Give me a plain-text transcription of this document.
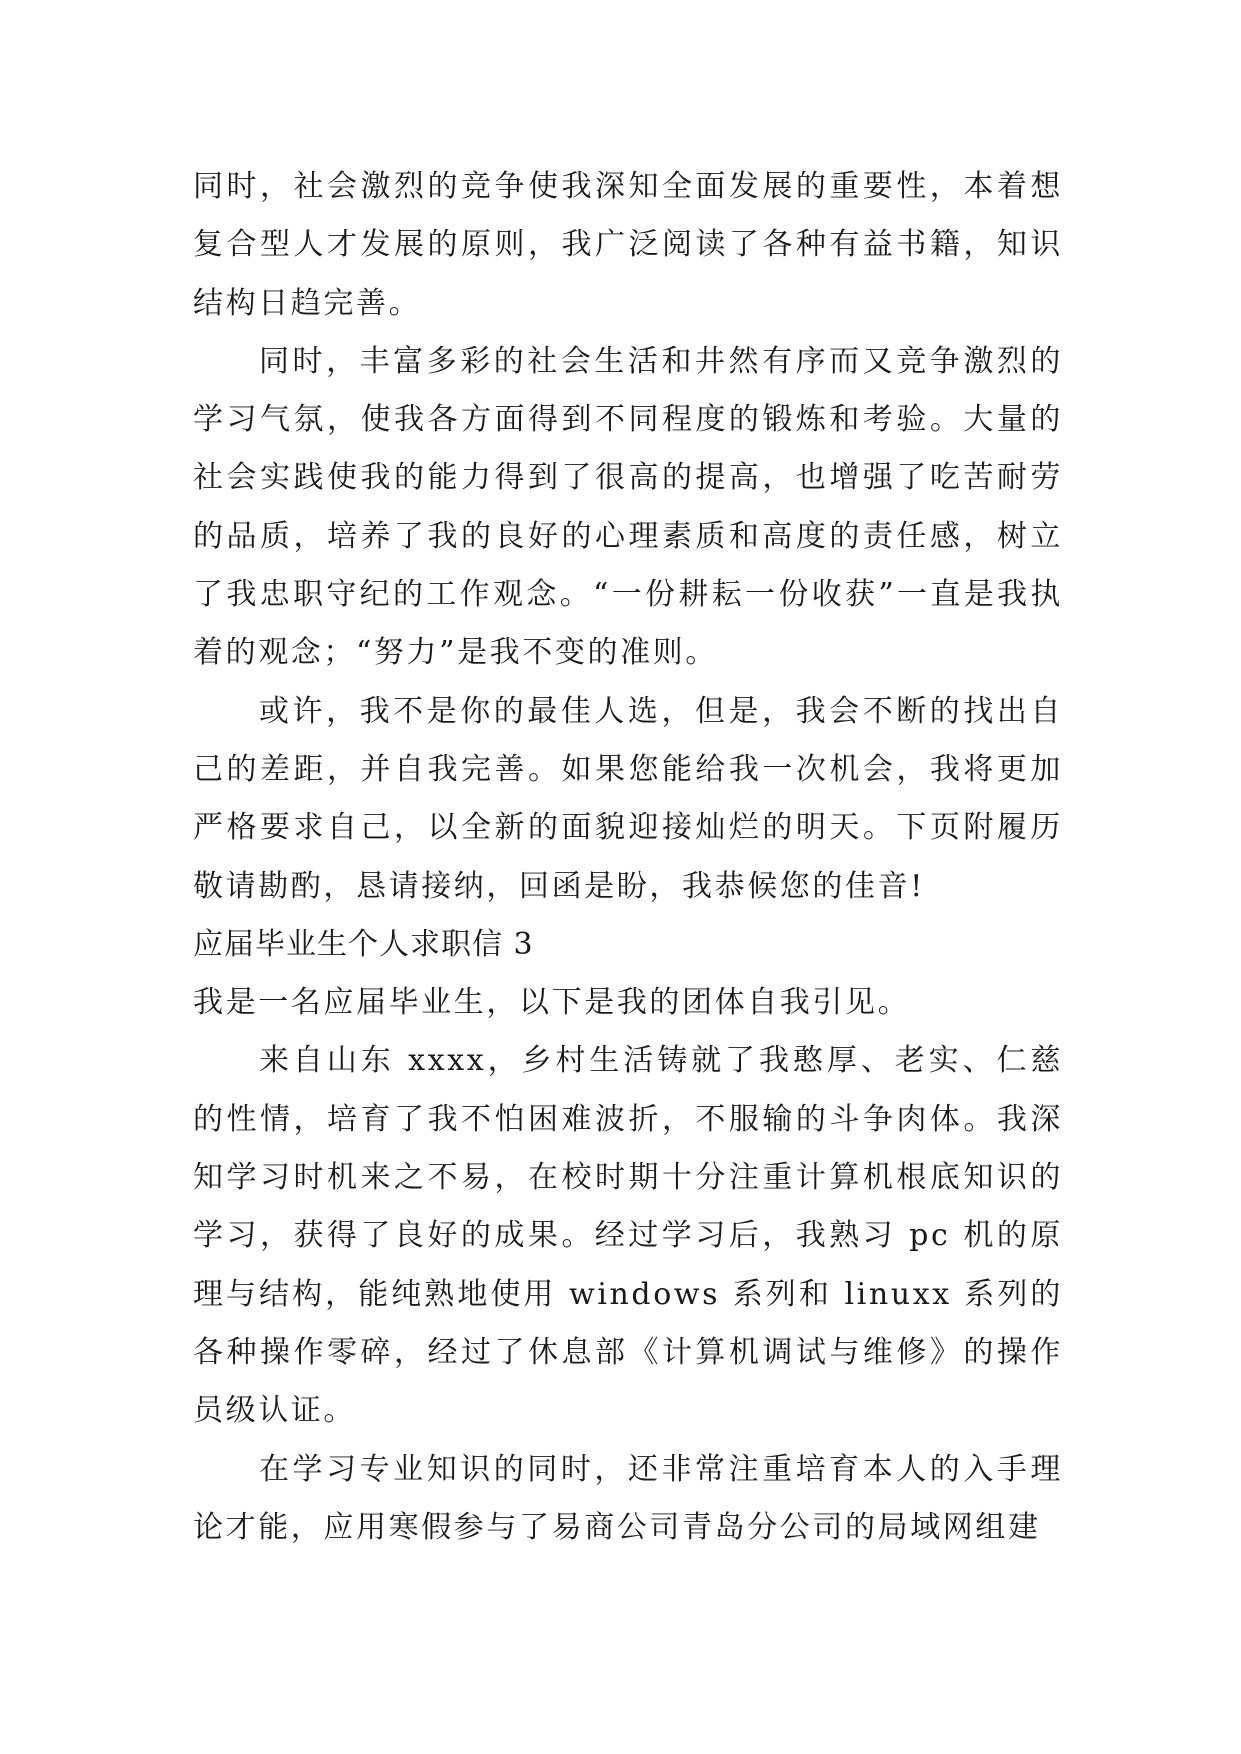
同时，社会激烈的竞争使我深知全面发展的重要性，本着想复合型人才发展的原则，我广泛阅读了各种有益书籍，知识结构日趋完善。

同时，丰富多彩的社会生活和井然有序而又竞争激烈的学习气氛，使我各方面得到不同程度的锻炼和考验。大量的社会实践使我的能力得到了很高的提高，也增强了吃苦耐劳的品质，培养了我的良好的心理素质和高度的责任感，树立了我忠职守纪的工作观念。“一份耕耘一份收获”一直是我执着的观念；“努力”是我不变的准则。

或许，我不是你的最佳人选，但是，我会不断的找出自己的差距，并自我完善。如果您能给我一次机会，我将更加严格要求自己，以全新的面貌迎接灿烂的明天。下页附履历敬请勘酌，恳请接纳，回函是盼，我恭候您的佳音!

应届毕业生个人求职信 3

我是一名应届毕业生，以下是我的团体自我引见。

来自山东 xxxx，乡村生活铸就了我憨厚、老实、仁慈的性情，培育了我不怕困难波折，不服输的斗争肉体。我深知学习时机来之不易，在校时期十分注重计算机根底知识的学习，获得了良好的成果。经过学习后，我熟习 pc 机的原理与结构，能纯熟地使用 windows 系列和 linuxx 系列的各种操作零碎，经过了休息部《计算机调试与维修》的操作员级认证。

在学习专业知识的同时，还非常注重培育本人的入手理论才能，应用寒假参与了易商公司青岛分公司的局域网组建
